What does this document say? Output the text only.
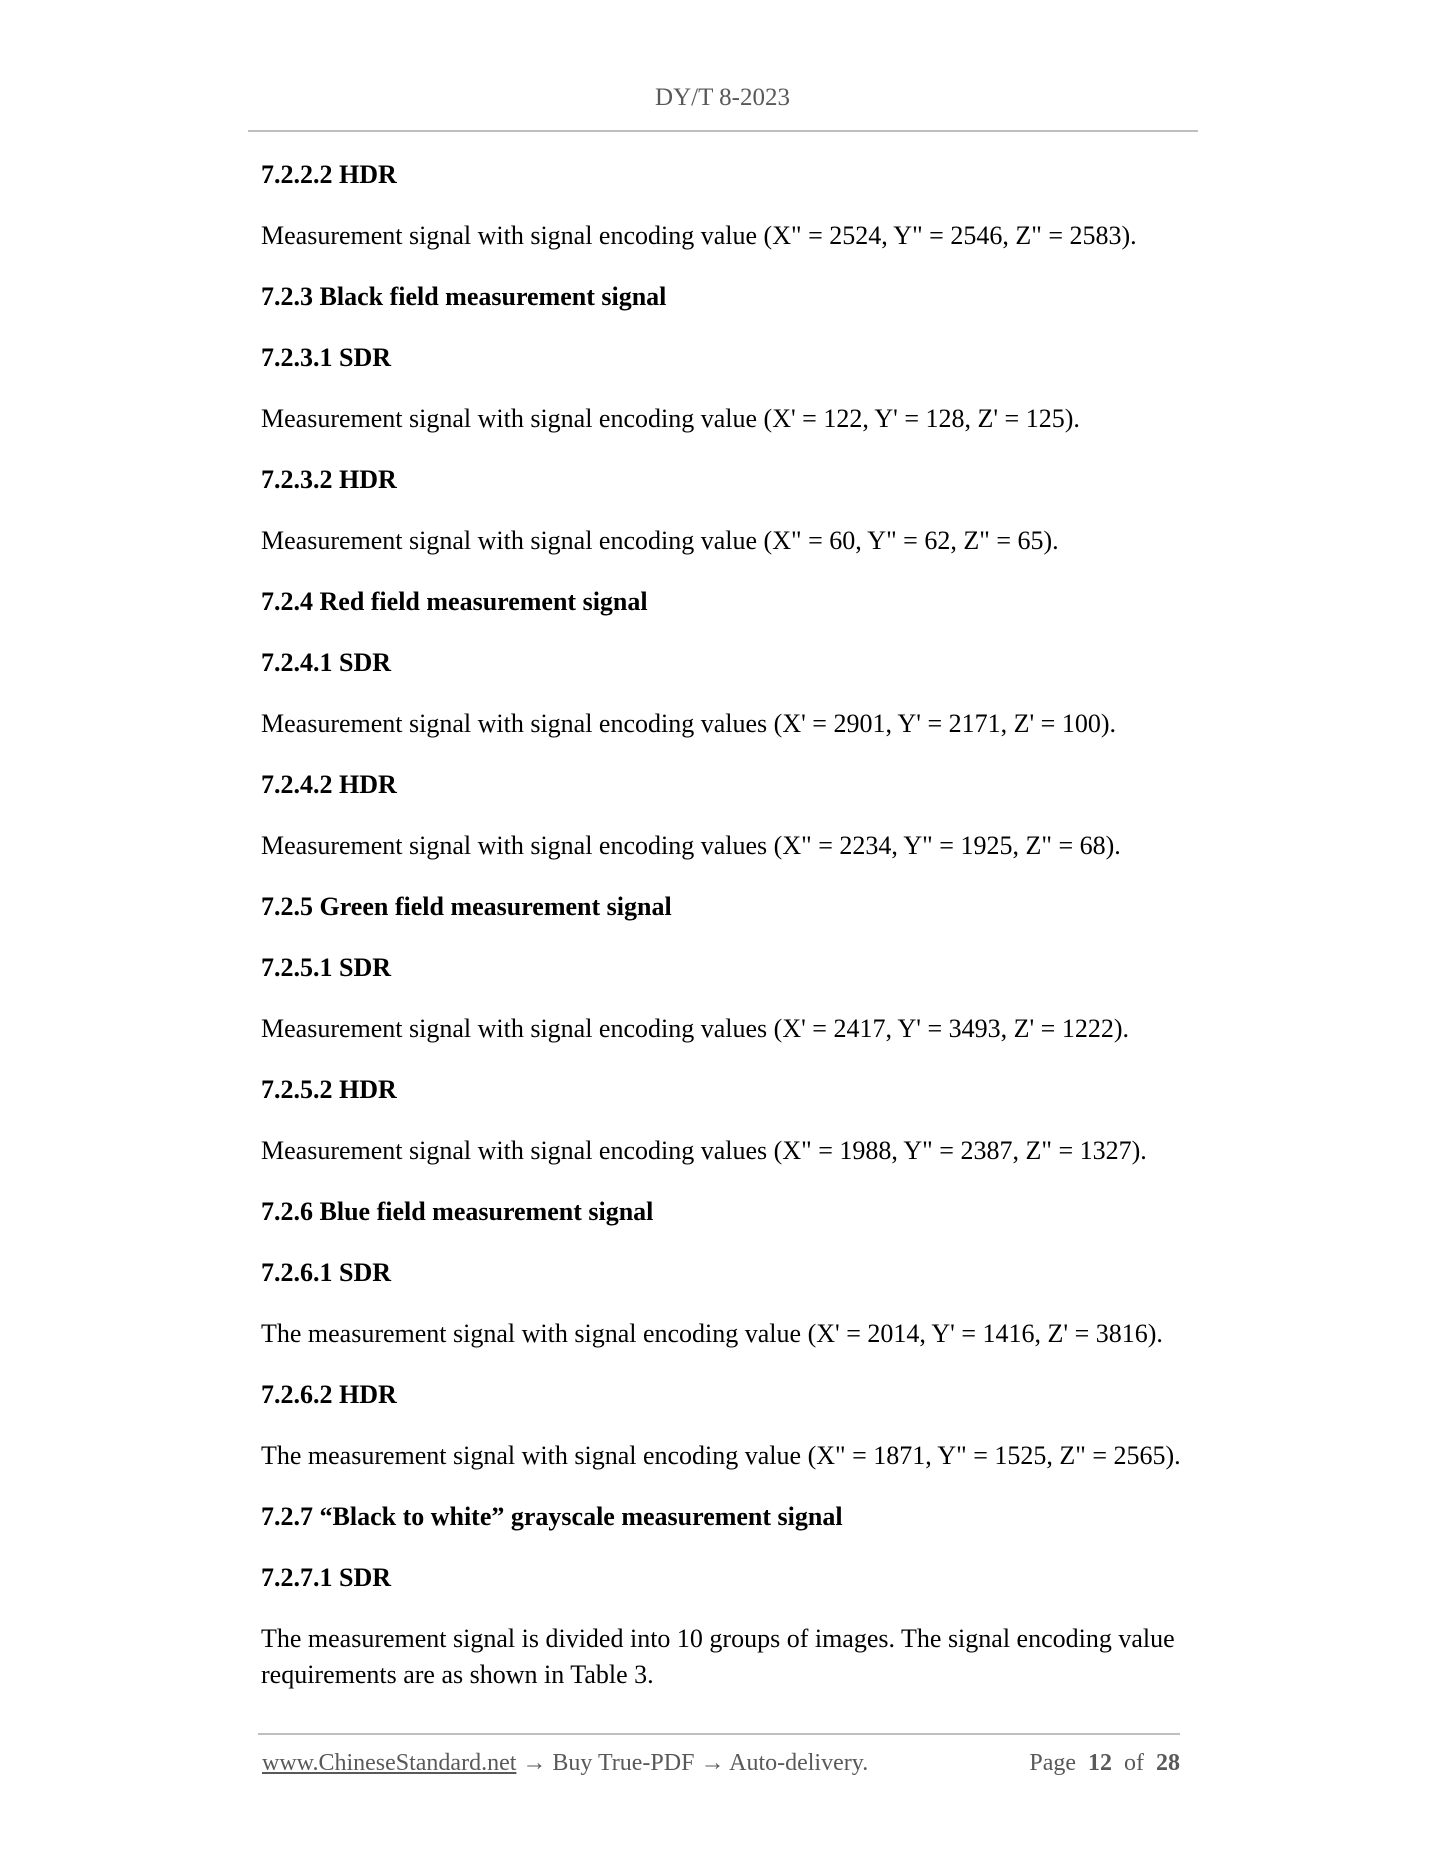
DY/T 8-2023
7.2.2.2 HDR
Measurement signal with signal encoding value (X" = 2524, Y" = 2546, Z" = 2583).
7.2.3 Black field measurement signal
7.2.3.1 SDR
Measurement signal with signal encoding value (X' = 122, Y' = 128, Z' = 125).
7.2.3.2 HDR
Measurement signal with signal encoding value (X" = 60, Y" = 62, Z" = 65).
7.2.4 Red field measurement signal
7.2.4.1 SDR
Measurement signal with signal encoding values (X' = 2901, Y' = 2171, Z' = 100).
7.2.4.2 HDR
Measurement signal with signal encoding values (X" = 2234, Y" = 1925, Z" = 68).
7.2.5 Green field measurement signal
7.2.5.1 SDR
Measurement signal with signal encoding values (X' = 2417, Y' = 3493, Z' = 1222).
7.2.5.2 HDR
Measurement signal with signal encoding values (X" = 1988, Y" = 2387, Z" = 1327).
7.2.6 Blue field measurement signal
7.2.6.1 SDR
The measurement signal with signal encoding value (X' = 2014, Y' = 1416, Z' = 3816).
7.2.6.2 HDR
The measurement signal with signal encoding value (X" = 1871, Y" = 1525, Z" = 2565).
7.2.7 “Black to white” grayscale measurement signal
7.2.7.1 SDR
The measurement signal is divided into 10 groups of images. The signal encoding value requirements are as shown in Table 3.
www.ChineseStandard.net → Buy True-PDF → Auto-delivery.	Page 12 of 28
